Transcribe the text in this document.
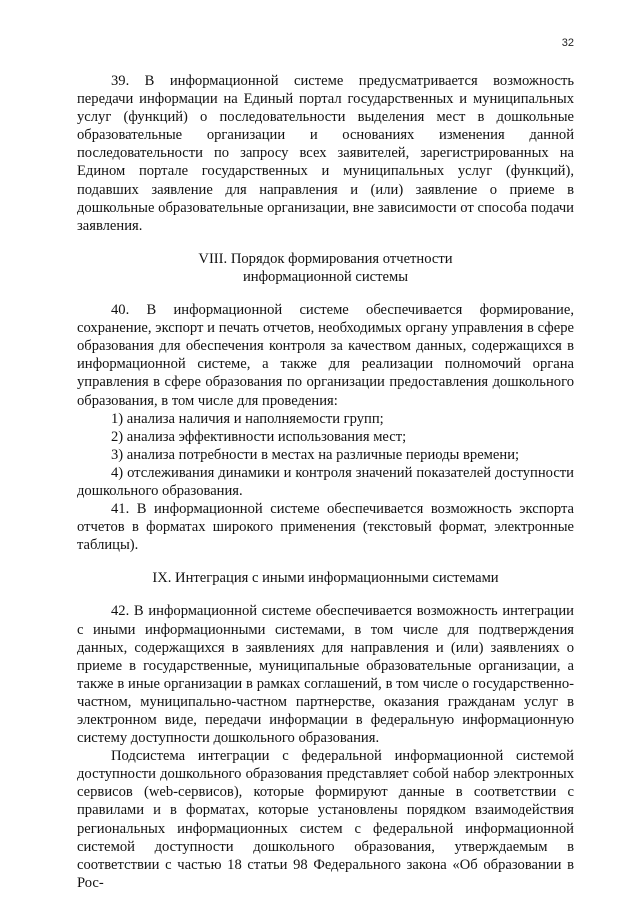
32

39. В информационной системе предусматривается возможность передачи информации на Единый портал государственных и муниципальных услуг (функций) о последовательности выделения мест в дошкольные образовательные организации и основаниях изменения данной последовательности по запросу всех заявителей, зарегистрированных на Едином портале государственных и муниципальных услуг (функций), подавших заявление для направления и (или) заявление о приеме в дошкольные образовательные организации, вне зависимости от способа подачи заявления.

VIII. Порядок формирования отчетности

информационной системы

40. В информационной системе обеспечивается формирование, сохранение, экспорт и печать отчетов, необходимых органу управления в сфере образования для обеспечения контроля за качеством данных, содержащихся в информационной системе, а также для реализации полномочий органа управления в сфере образования по организации предоставления дошкольного образования, в том числе для проведения:

1) анализа наличия и наполняемости групп;

2) анализа эффективности использования мест;

3) анализа потребности в местах на различные периоды времени;

4) отслеживания динамики и контроля значений показателей доступности дошкольного образования.

41. В информационной системе обеспечивается возможность экспорта отчетов в форматах широкого применения (текстовый формат, электронные таблицы).

IX. Интеграция с иными информационными системами

42. В информационной системе обеспечивается возможность интеграции с иными информационными системами, в том числе для подтверждения данных, содержащихся в заявлениях для направления и (или) заявлениях о приеме в государственные, муниципальные образовательные организации, а также в иные организации в рамках соглашений, в том числе о государственно-частном, муниципально-частном партнерстве, оказания гражданам услуг в электронном виде, передачи информации в федеральную информационную систему доступности дошкольного образования.

Подсистема интеграции с федеральной информационной системой доступности дошкольного образования представляет собой набор электронных сервисов (web-сервисов), которые формируют данные в соответствии с правилами и в форматах, которые установлены порядком взаимодействия региональных информационных систем с федеральной информационной системой доступности дошкольного образования, утверждаемым в соответствии с частью 18 статьи 98 Федерального закона «Об образовании в Рос-
